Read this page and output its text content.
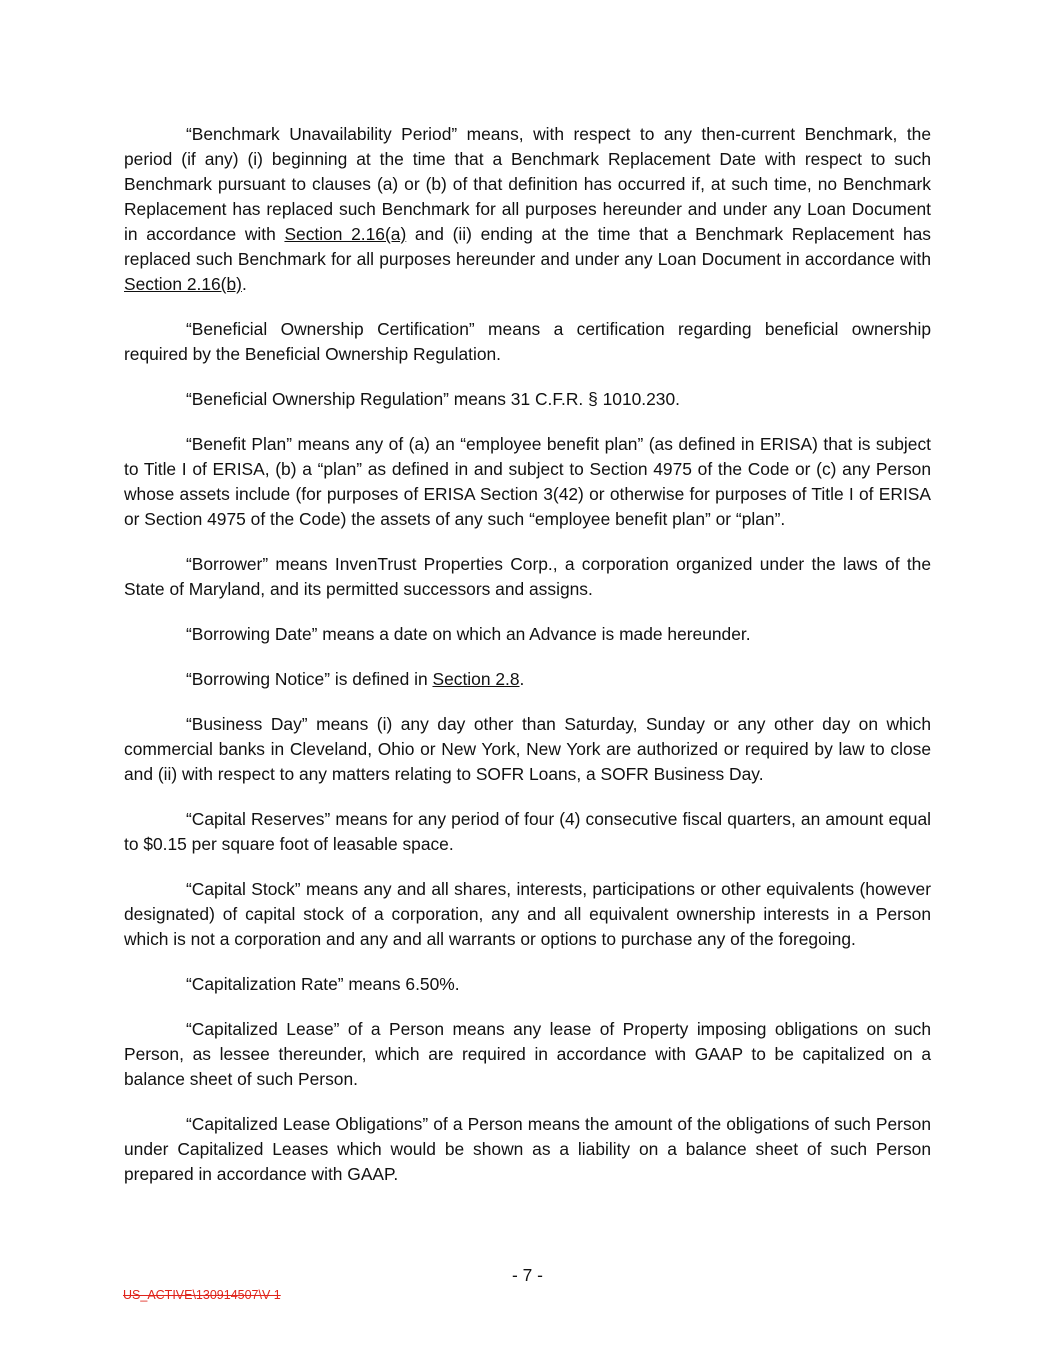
“Benchmark Unavailability Period” means, with respect to any then-current Benchmark, the period (if any) (i) beginning at the time that a Benchmark Replacement Date with respect to such Benchmark pursuant to clauses (a) or (b) of that definition has occurred if, at such time, no Benchmark Replacement has replaced such Benchmark for all purposes hereunder and under any Loan Document in accordance with Section 2.16(a) and (ii) ending at the time that a Benchmark Replacement has replaced such Benchmark for all purposes hereunder and under any Loan Document in accordance with Section 2.16(b).

“Beneficial Ownership Certification” means a certification regarding beneficial ownership required by the Beneficial Ownership Regulation.

“Beneficial Ownership Regulation” means 31 C.F.R. § 1010.230.

“Benefit Plan” means any of (a) an “employee benefit plan” (as defined in ERISA) that is subject to Title I of ERISA, (b) a “plan” as defined in and subject to Section 4975 of the Code or (c) any Person whose assets include (for purposes of ERISA Section 3(42) or otherwise for purposes of Title I of ERISA or Section 4975 of the Code) the assets of any such “employee benefit plan” or “plan”.

“Borrower” means InvenTrust Properties Corp., a corporation organized under the laws of the State of Maryland, and its permitted successors and assigns.

“Borrowing Date” means a date on which an Advance is made hereunder.

“Borrowing Notice” is defined in Section 2.8.

“Business Day” means (i) any day other than Saturday, Sunday or any other day on which commercial banks in Cleveland, Ohio or New York, New York are authorized or required by law to close and (ii) with respect to any matters relating to SOFR Loans, a SOFR Business Day.

“Capital Reserves” means for any period of four (4) consecutive fiscal quarters, an amount equal to $0.15 per square foot of leasable space.

“Capital Stock” means any and all shares, interests, participations or other equivalents (however designated) of capital stock of a corporation, any and all equivalent ownership interests in a Person which is not a corporation and any and all warrants or options to purchase any of the foregoing.

“Capitalization Rate” means 6.50%.

“Capitalized Lease” of a Person means any lease of Property imposing obligations on such Person, as lessee thereunder, which are required in accordance with GAAP to be capitalized on a balance sheet of such Person.

“Capitalized Lease Obligations” of a Person means the amount of the obligations of such Person under Capitalized Leases which would be shown as a liability on a balance sheet of such Person prepared in accordance with GAAP.

- 7 -
US_ACTIVE\130914507\V-1
